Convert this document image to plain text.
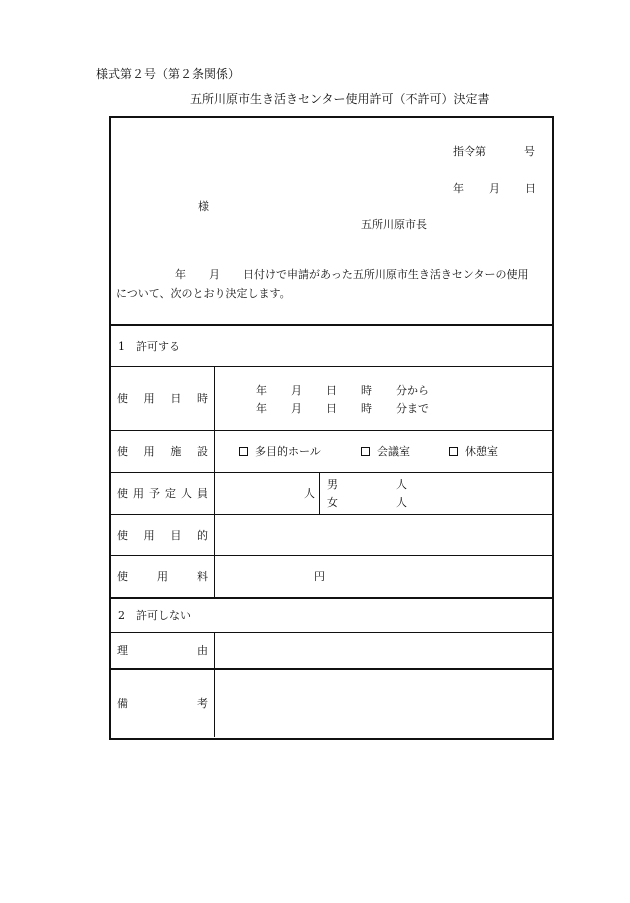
様式第２号（第２条関係）
五所川原市生き活きセンター使用許可（不許可）決定書
指令第	号
年 月 日
様
五所川原市長
年 月 日付けで申請があった五所川原市生き活きセンターの使用
について、次のとおり決定します。
1　許可する
使 用 日 時
年 月 日 時 分から
年 月 日 時 分まで
使 用 施 設	多目的ホール	会議室	休憩室
使 用 予 定 人 員	人
男	人
女	人
使 用 目 的
使	用	料	円
2　許可しない
理	由
備	考
